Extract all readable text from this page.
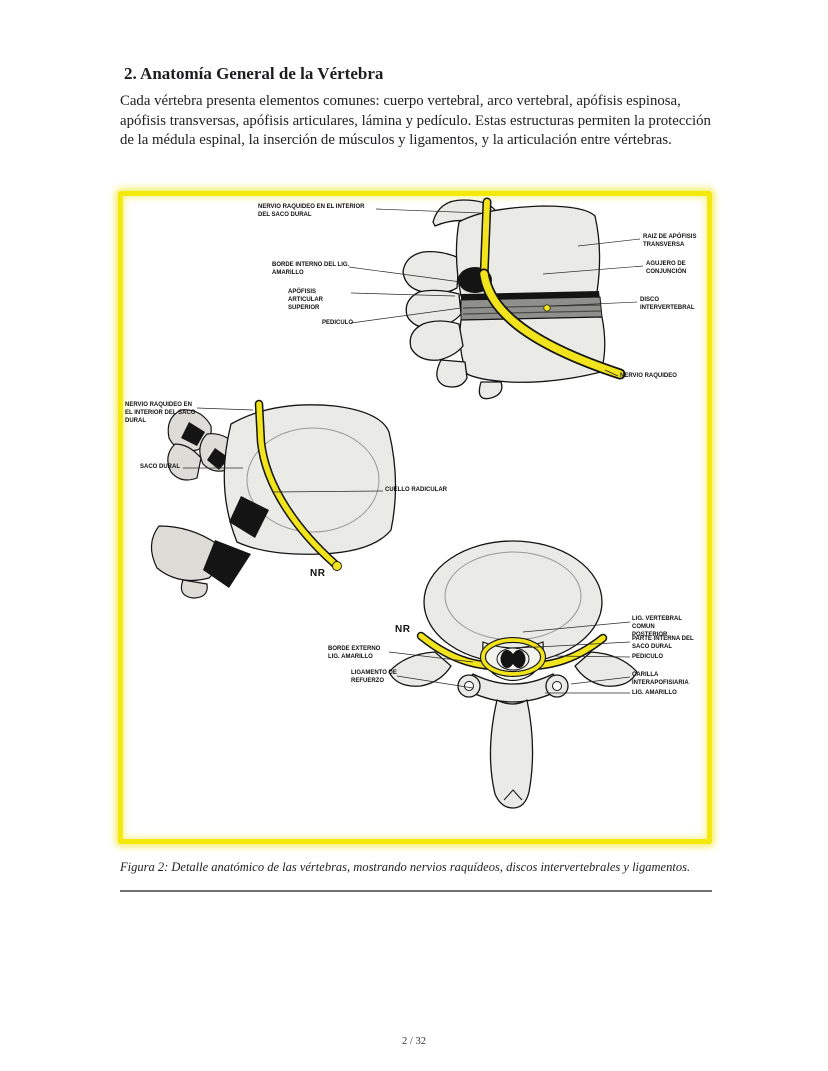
2. Anatomía General de la Vértebra

Cada vértebra presenta elementos comunes: cuerpo vertebral, arco vertebral, apófisis espinosa, apófisis transversas, apófisis articulares, lámina y pedículo. Estas estructuras permiten la protección de la médula espinal, la inserción de músculos y ligamentos, y la articulación entre vértebras.

NERVIO RAQUIDEO EN EL INTERIOR DEL SACO DURAL
BORDE INTERNO DEL LIG. AMARILLO
APÓFISIS ARTICULAR SUPERIOR
PEDICULO
RAIZ DE APÓFISIS TRANSVERSA
AGUJERO DE CONJUNCIÓN
DISCO INTERVERTEBRAL
NERVIO RAQUIDEO
NERVIO RAQUIDEO EN EL INTERIOR DEL SACO DURAL
SACO DURAL
CUELLO RADICULAR
NR
NR
BORDE EXTERNO LIG. AMARILLO
LIGAMENTO DE REFUERZO
LIG. VERTEBRAL COMUN POSTERIOR
PARTE INTERNA DEL SACO DURAL
PEDICULO
CARILLA INTERAPOFISIARIA
LIG. AMARILLO
Figura 2: Detalle anatómico de las vértebras, mostrando nervios raquídeos, discos intervertebrales y ligamentos.
2 / 32
